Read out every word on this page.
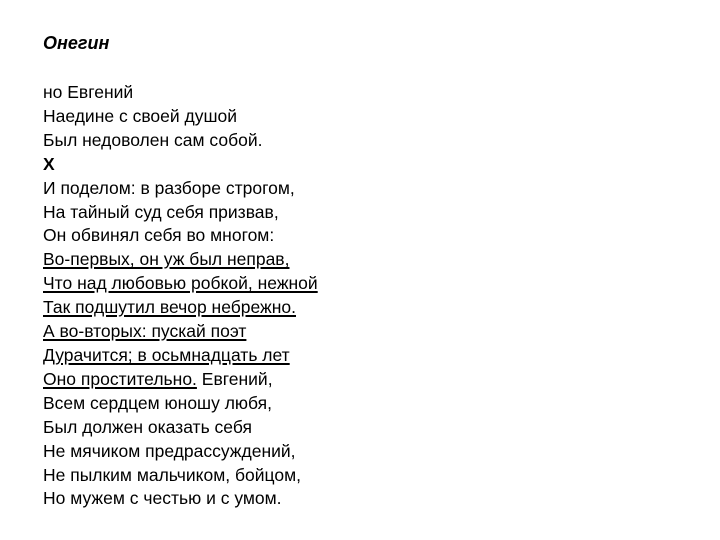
Онегин
но Евгений
Наедине с своей душой
Был недоволен сам собой.
X
И поделом: в разборе строгом,
На тайный суд себя призвав,
Он обвинял себя во многом:
Во-первых, он уж был неправ,
Что над любовью робкой, нежной
Так подшутил вечор небрежно.
А во-вторых: пускай поэт
Дурачится; в осьмнадцать лет
Оно простительно. Евгений,
Всем сердцем юношу любя,
Был должен оказать себя
Не мячиком предрассуждений,
Не пылким мальчиком, бойцом,
Но мужем с честью и с умом.
